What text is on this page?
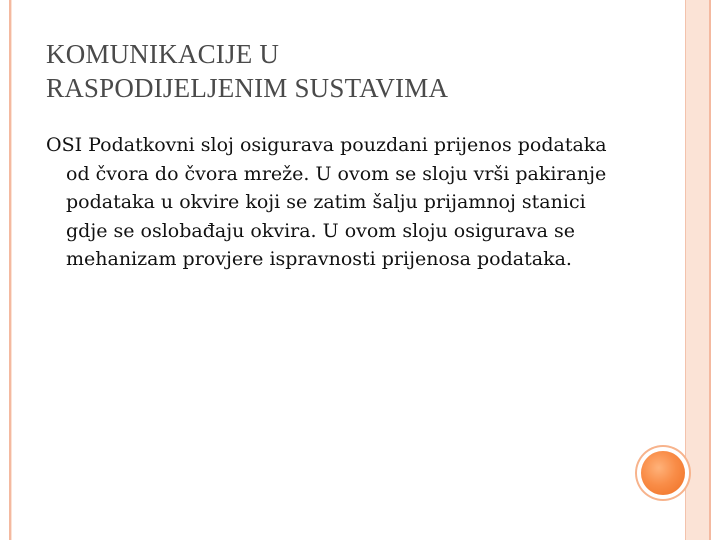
KOMUNIKACIJE U
RASPODIJELJENIM SUSTAVIMA

OSI Podatkovni sloj osigurava pouzdani prijenos podataka od čvora do čvora mreže. U ovom se sloju vrši pakiranje podataka u okvire koji se zatim šalju prijamnoj stanici gdje se oslobađaju okvira. U ovom sloju osigurava se mehanizam provjere ispravnosti prijenosa podataka.
